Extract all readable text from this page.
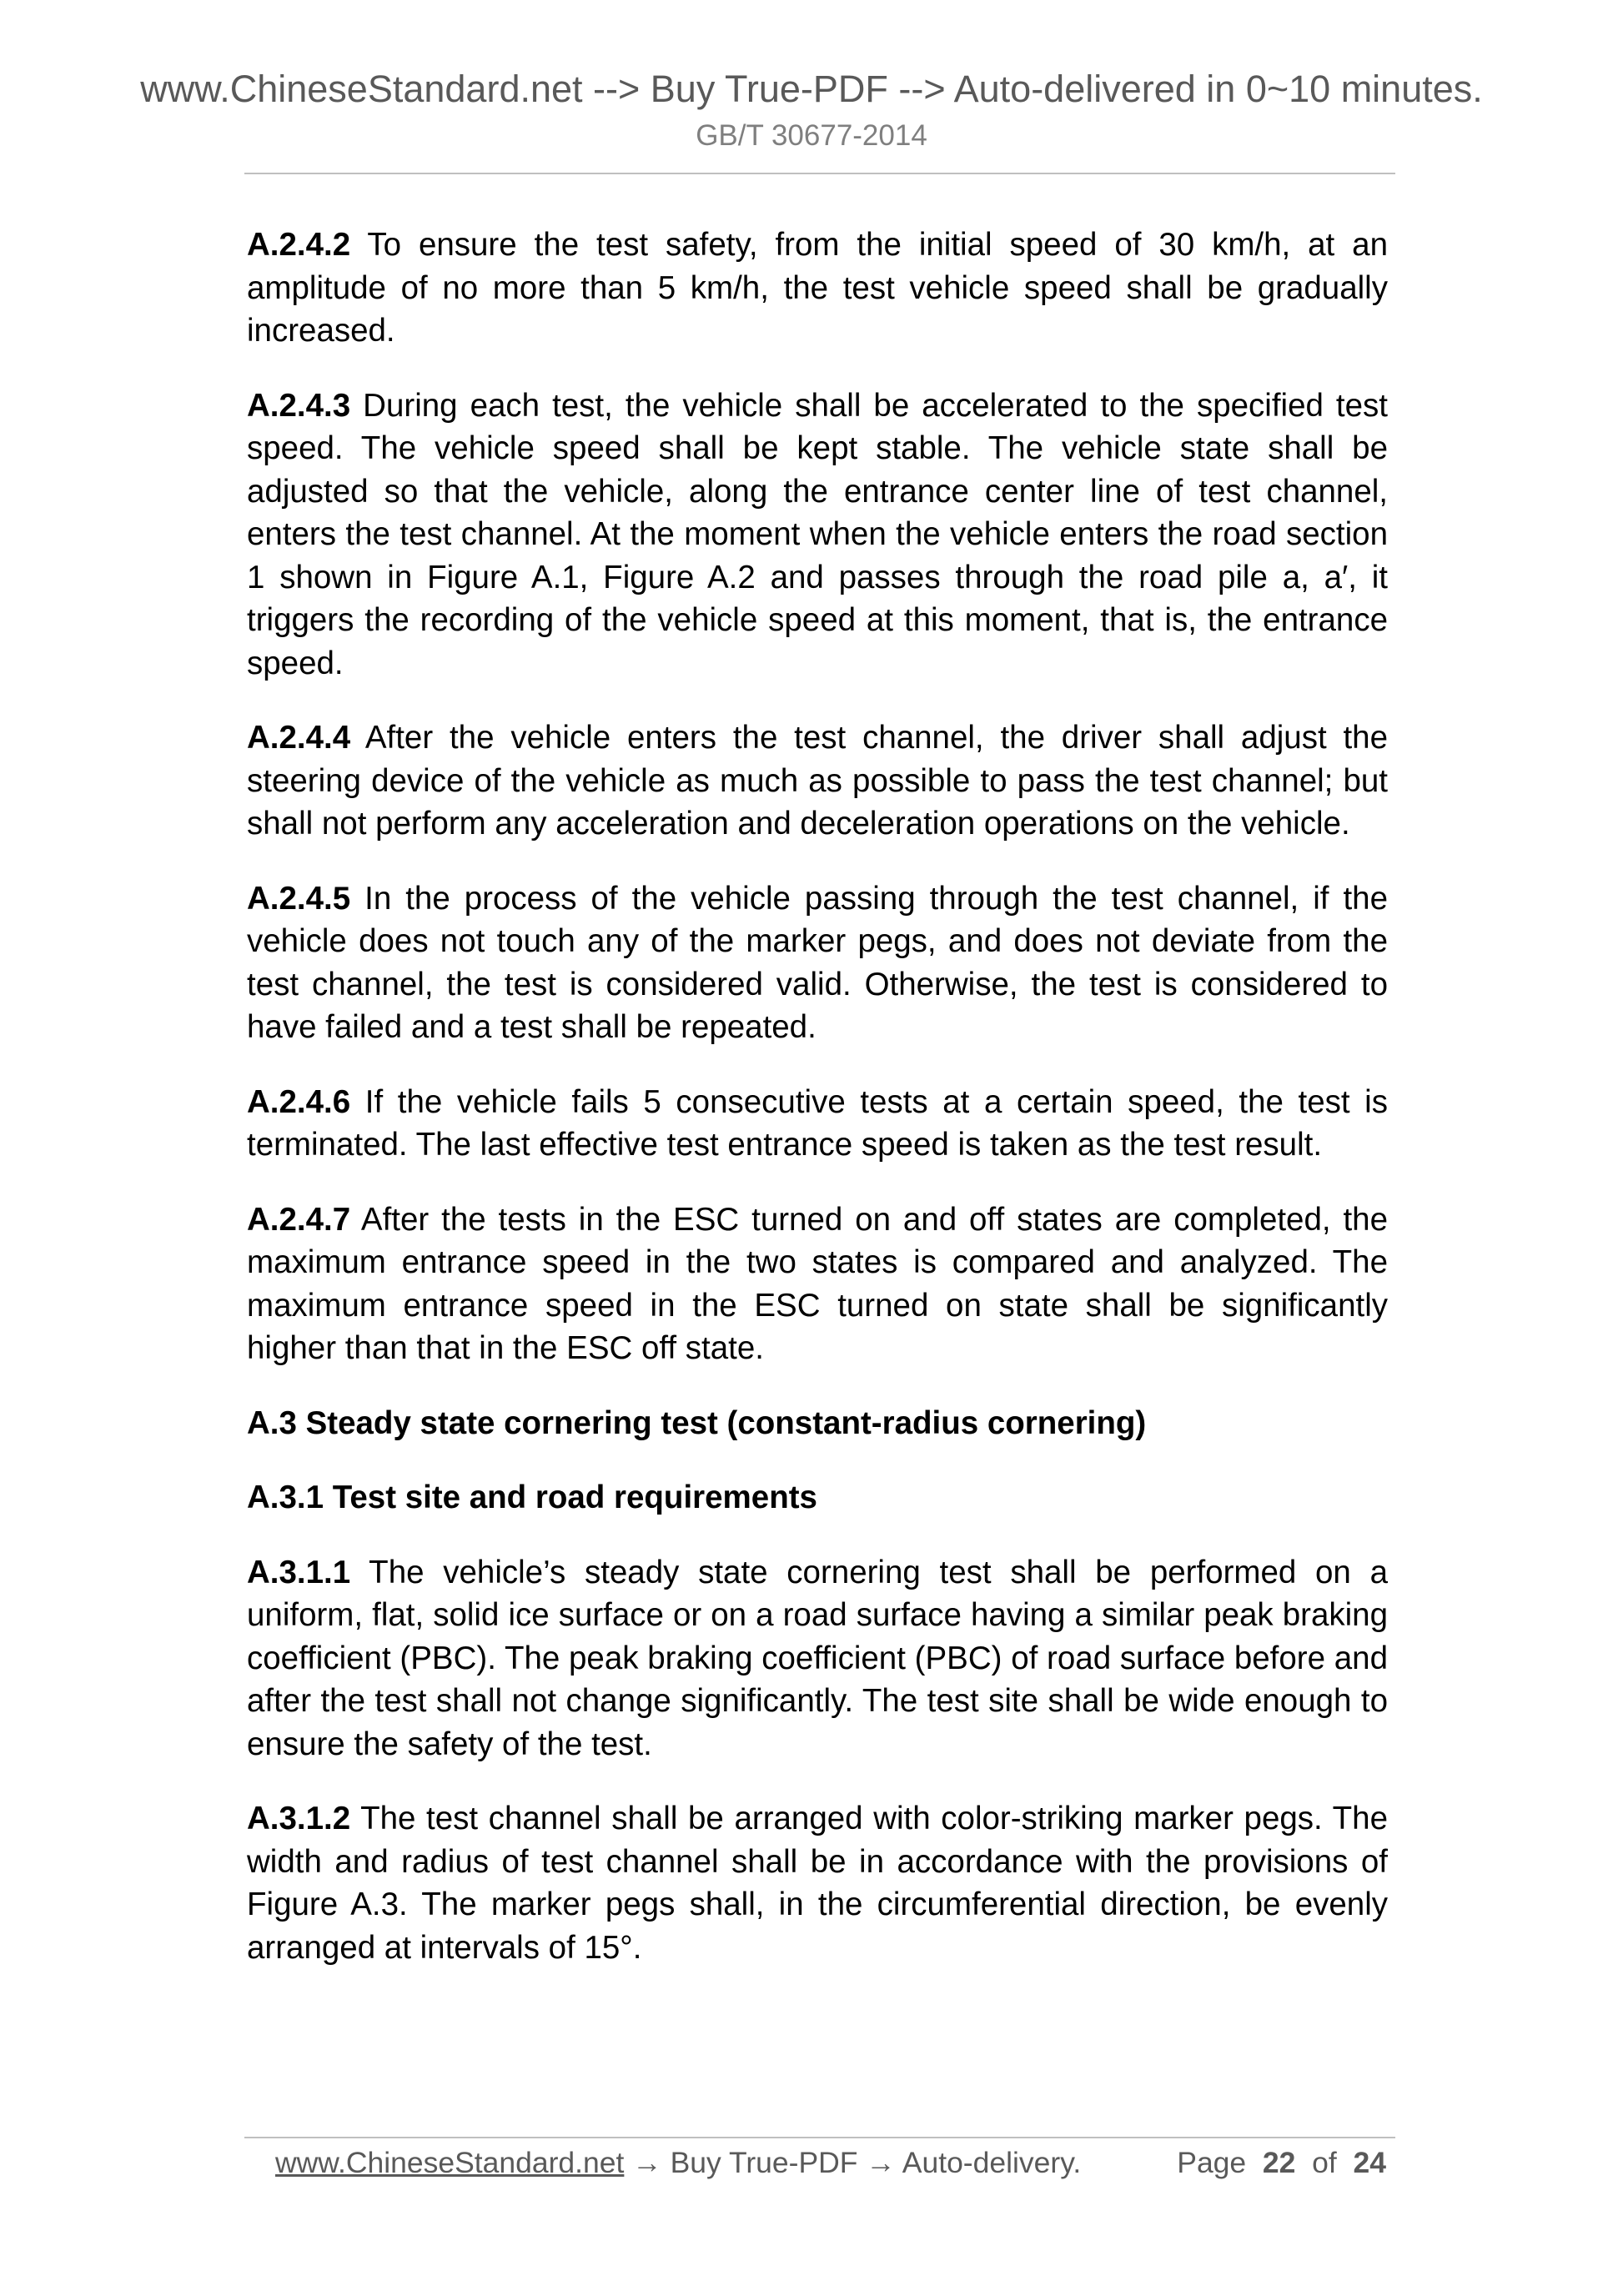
www.ChineseStandard.net --> Buy True-PDF --> Auto-delivered in 0~10 minutes.
GB/T 30677-2014

A.2.4.2 To ensure the test safety, from the initial speed of 30 km/h, at an amplitude of no more than 5 km/h, the test vehicle speed shall be gradually increased.

A.2.4.3 During each test, the vehicle shall be accelerated to the specified test speed. The vehicle speed shall be kept stable. The vehicle state shall be adjusted so that the vehicle, along the entrance center line of test channel, enters the test channel. At the moment when the vehicle enters the road section 1 shown in Figure A.1, Figure A.2 and passes through the road pile a, a′, it triggers the recording of the vehicle speed at this moment, that is, the entrance speed.

A.2.4.4 After the vehicle enters the test channel, the driver shall adjust the steering device of the vehicle as much as possible to pass the test channel; but shall not perform any acceleration and deceleration operations on the vehicle.

A.2.4.5 In the process of the vehicle passing through the test channel, if the vehicle does not touch any of the marker pegs, and does not deviate from the test channel, the test is considered valid. Otherwise, the test is considered to have failed and a test shall be repeated.

A.2.4.6 If the vehicle fails 5 consecutive tests at a certain speed, the test is terminated. The last effective test entrance speed is taken as the test result.

A.2.4.7 After the tests in the ESC turned on and off states are completed, the maximum entrance speed in the two states is compared and analyzed. The maximum entrance speed in the ESC turned on state shall be significantly higher than that in the ESC off state.

A.3 Steady state cornering test (constant-radius cornering)

A.3.1 Test site and road requirements

A.3.1.1 The vehicle’s steady state cornering test shall be performed on a uniform, flat, solid ice surface or on a road surface having a similar peak braking coefficient (PBC). The peak braking coefficient (PBC) of road surface before and after the test shall not change significantly. The test site shall be wide enough to ensure the safety of the test.

A.3.1.2 The test channel shall be arranged with color-striking marker pegs. The width and radius of test channel shall be in accordance with the provisions of Figure A.3. The marker pegs shall, in the circumferential direction, be evenly arranged at intervals of 15°.

www.ChineseStandard.net → Buy True-PDF → Auto-delivery.	Page 22 of 24
